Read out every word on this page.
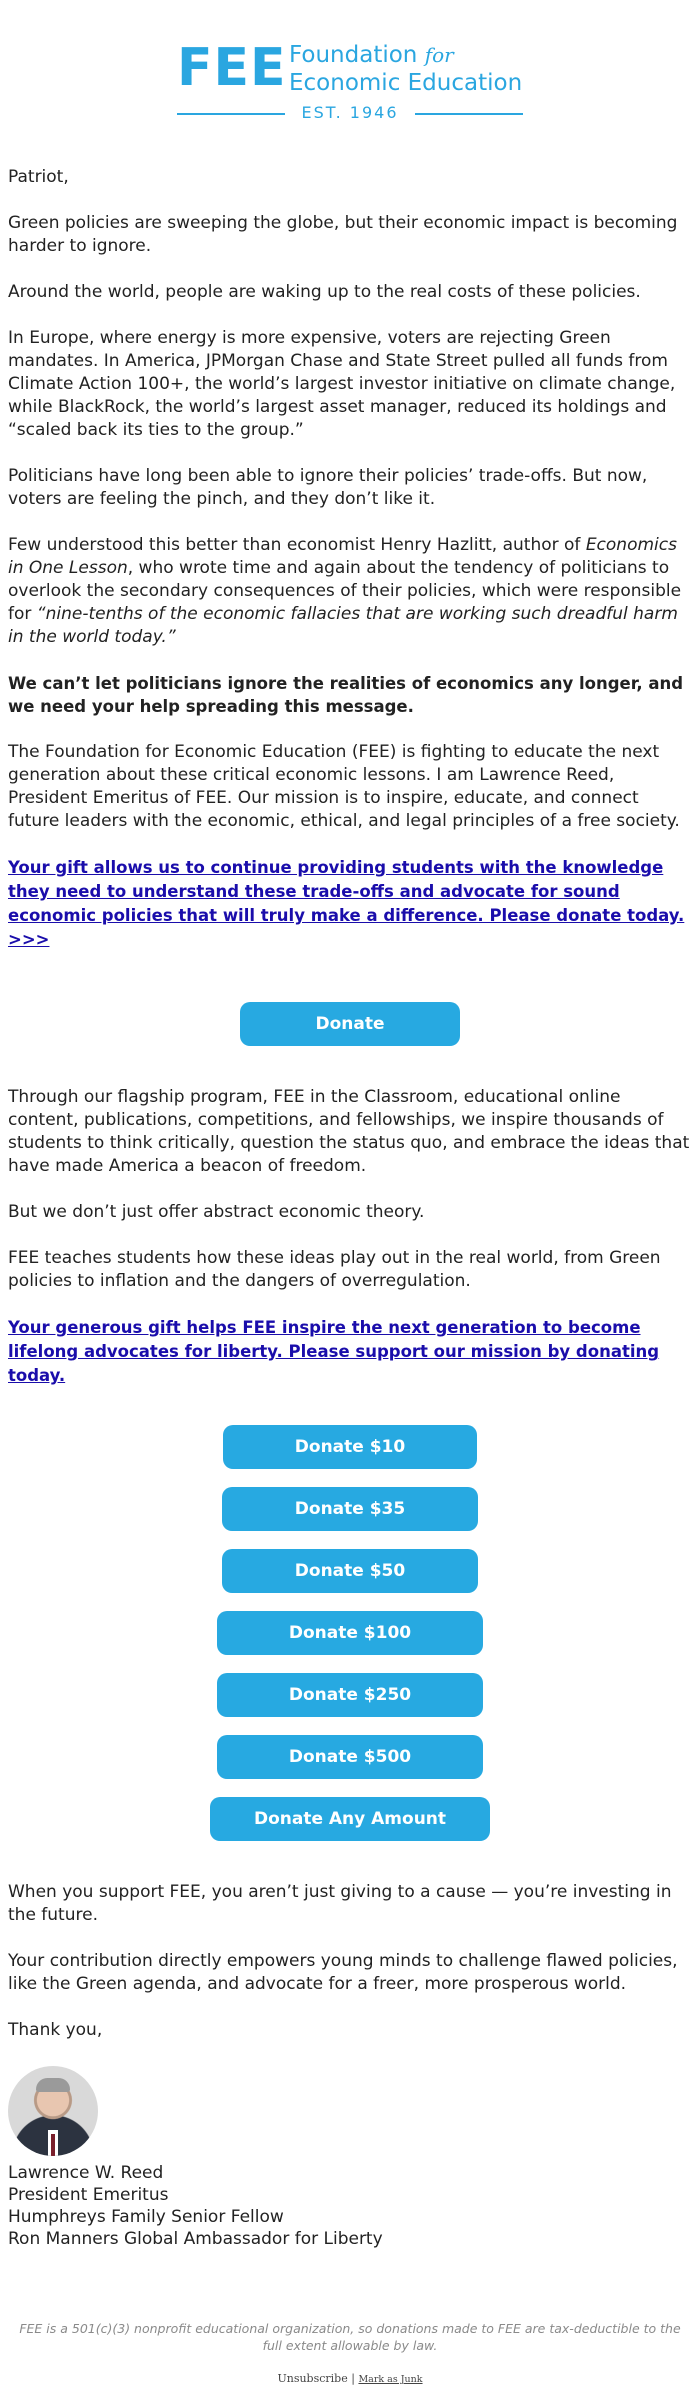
FEE Foundation for
Economic Education
EST. 1946

Patriot,

Green policies are sweeping the globe, but their economic impact is becoming harder to ignore.

Around the world, people are waking up to the real costs of these policies.

In Europe, where energy is more expensive, voters are rejecting Green mandates. In America, JPMorgan Chase and State Street pulled all funds from Climate Action 100+, the world’s largest investor initiative on climate change, while BlackRock, the world’s largest asset manager, reduced its holdings and “scaled back its ties to the group.”

Politicians have long been able to ignore their policies’ trade-offs. But now, voters are feeling the pinch, and they don’t like it.

Few understood this better than economist Henry Hazlitt, author of Economics in One Lesson, who wrote time and again about the tendency of politicians to overlook the secondary consequences of their policies, which were responsible for “nine-tenths of the economic fallacies that are working such dreadful harm in the world today.”

We can’t let politicians ignore the realities of economics any longer, and we need your help spreading this message.

The Foundation for Economic Education (FEE) is fighting to educate the next generation about these critical economic lessons. I am Lawrence Reed, President Emeritus of FEE. Our mission is to inspire, educate, and connect future leaders with the economic, ethical, and legal principles of a free society.

Your gift allows us to continue providing students with the knowledge they need to understand these trade-offs and advocate for sound economic policies that will truly make a difference. Please donate today. >>>

Donate

Through our flagship program, FEE in the Classroom, educational online content, publications, competitions, and fellowships, we inspire thousands of students to think critically, question the status quo, and embrace the ideas that have made America a beacon of freedom.

But we don’t just offer abstract economic theory.

FEE teaches students how these ideas play out in the real world, from Green policies to inflation and the dangers of overregulation.

Your generous gift helps FEE inspire the next generation to become lifelong advocates for liberty. Please support our mission by donating today.

Donate $10
Donate $35
Donate $50
Donate $100
Donate $250
Donate $500
Donate Any Amount

When you support FEE, you aren’t just giving to a cause — you’re investing in the future.

Your contribution directly empowers young minds to challenge flawed policies, like the Green agenda, and advocate for a freer, more prosperous world.

Thank you,

Lawrence W. Reed

President Emeritus

Humphreys Family Senior Fellow

Ron Manners Global Ambassador for Liberty

FEE is a 501(c)(3) nonprofit educational organization, so donations made to FEE are tax-deductible to the full extent allowable by law.
Unsubscribe | Mark as Junk
